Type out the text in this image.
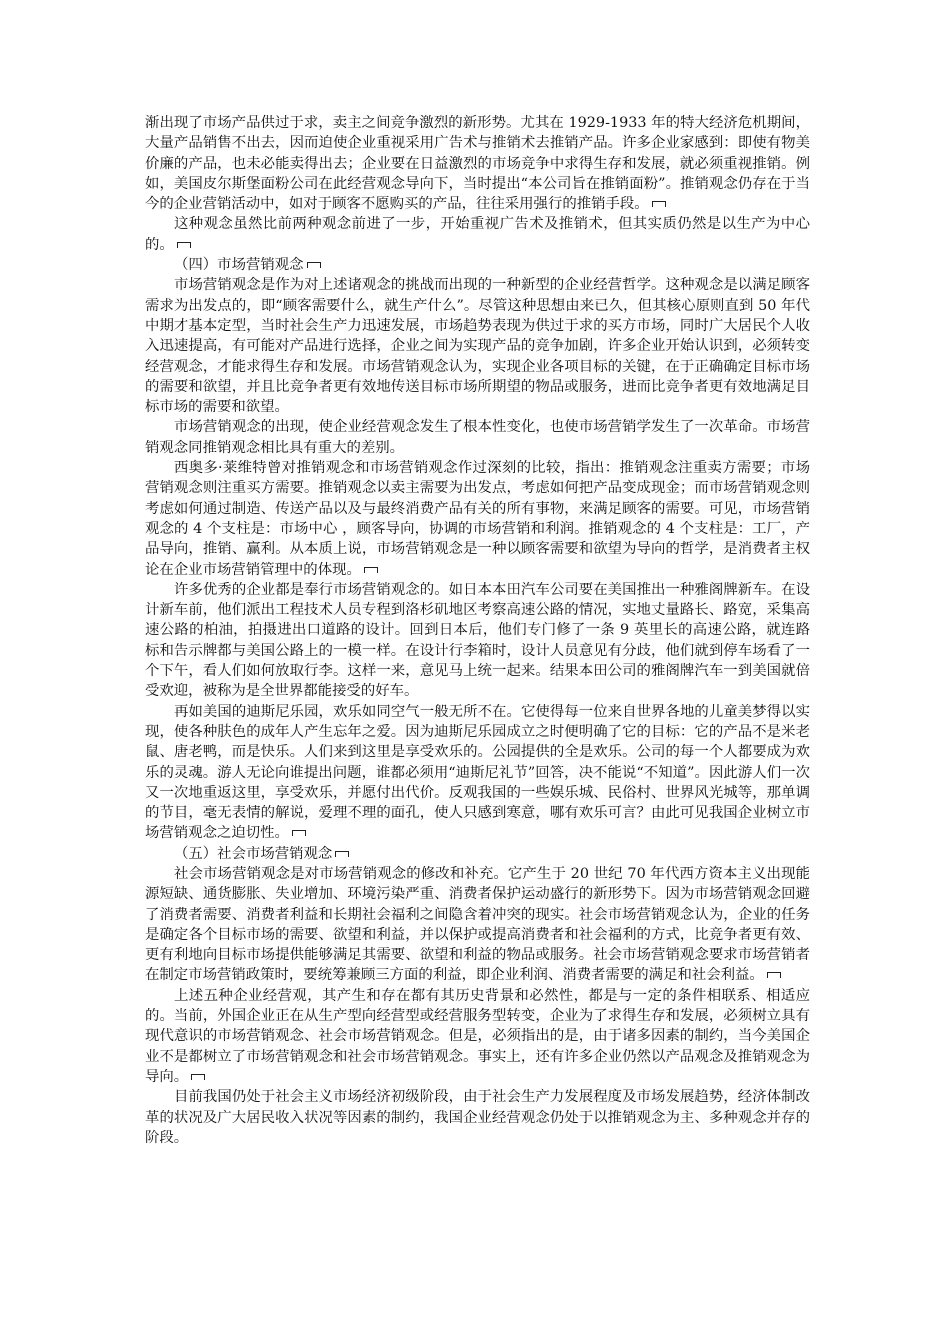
渐出现了市场产品供过于求，卖主之间竞争激烈的新形势。尤其在 1929-1933 年的特大经济危机期间，大量产品销售不出去，因而迫使企业重视采用广告术与推销术去推销产品。许多企业家感到：即使有物美价廉的产品，也未必能卖得出去；企业要在日益激烈的市场竞争中求得生存和发展，就必须重视推销。例如，美国皮尔斯堡面粉公司在此经营观念导向下，当时提出“本公司旨在推销面粉”。推销观念仍存在于当今的企业营销活动中，如对于顾客不愿购买的产品，往往采用强行的推销手段。

这种观念虽然比前两种观念前进了一步，开始重视广告术及推销术，但其实质仍然是以生产为中心的。

（四）市场营销观念

市场营销观念是作为对上述诸观念的挑战而出现的一种新型的企业经营哲学。这种观念是以满足顾客需求为出发点的，即“顾客需要什么，就生产什么”。尽管这种思想由来已久，但其核心原则直到 50 年代中期才基本定型，当时社会生产力迅速发展，市场趋势表现为供过于求的买方市场，同时广大居民个人收入迅速提高，有可能对产品进行选择，企业之间为实现产品的竞争加剧，许多企业开始认识到，必须转变经营观念，才能求得生存和发展。市场营销观念认为，实现企业各项目标的关键，在于正确确定目标市场的需要和欲望，并且比竞争者更有效地传送目标市场所期望的物品或服务，进而比竞争者更有效地满足目标市场的需要和欲望。

市场营销观念的出现，使企业经营观念发生了根本性变化，也使市场营销学发生了一次革命。市场营销观念同推销观念相比具有重大的差别。

西奥多·莱维特曾对推销观念和市场营销观念作过深刻的比较，指出：推销观念注重卖方需要；市场营销观念则注重买方需要。推销观念以卖主需要为出发点，考虑如何把产品变成现金；而市场营销观念则考虑如何通过制造、传送产品以及与最终消费产品有关的所有事物，来满足顾客的需要。可见，市场营销观念的 4 个支柱是：市场中心 ，顾客导向，协调的市场营销和利润。推销观念的 4 个支柱是：工厂，产品导向，推销、赢利。从本质上说，市场营销观念是一种以顾客需要和欲望为导向的哲学，是消费者主权论在企业市场营销管理中的体现。

许多优秀的企业都是奉行市场营销观念的。如日本本田汽车公司要在美国推出一种雅阁牌新车。在设计新车前，他们派出工程技术人员专程到洛杉矶地区考察高速公路的情况，实地丈量路长、路宽，采集高速公路的柏油，拍摄进出口道路的设计。回到日本后，他们专门修了一条 9 英里长的高速公路，就连路标和告示牌都与美国公路上的一模一样。在设计行李箱时，设计人员意见有分歧，他们就到停车场看了一个下午，看人们如何放取行李。这样一来，意见马上统一起来。结果本田公司的雅阁牌汽车一到美国就倍受欢迎，被称为是全世界都能接受的好车。

再如美国的迪斯尼乐园，欢乐如同空气一般无所不在。它使得每一位来自世界各地的儿童美梦得以实现，使各种肤色的成年人产生忘年之爱。因为迪斯尼乐园成立之时便明确了它的目标：它的产品不是米老鼠、唐老鸭，而是快乐。人们来到这里是享受欢乐的。公园提供的全是欢乐。公司的每一个人都要成为欢乐的灵魂。游人无论向谁提出问题，谁都必须用“迪斯尼礼节”回答，决不能说“不知道”。因此游人们一次又一次地重返这里，享受欢乐，并愿付出代价。反观我国的一些娱乐城、民俗村、世界风光城等，那单调的节目，毫无表情的解说，爱理不理的面孔，使人只感到寒意，哪有欢乐可言？由此可见我国企业树立市场营销观念之迫切性。

（五）社会市场营销观念

社会市场营销观念是对市场营销观念的修改和补充。它产生于 20 世纪 70 年代西方资本主义出现能源短缺、通货膨胀、失业增加、环境污染严重、消费者保护运动盛行的新形势下。因为市场营销观念回避了消费者需要、消费者利益和长期社会福利之间隐含着冲突的现实。社会市场营销观念认为，企业的任务是确定各个目标市场的需要、欲望和利益，并以保护或提高消费者和社会福利的方式，比竞争者更有效、更有利地向目标市场提供能够满足其需要、欲望和利益的物品或服务。社会市场营销观念要求市场营销者在制定市场营销政策时，要统筹兼顾三方面的利益，即企业利润、消费者需要的满足和社会利益。

上述五种企业经营观，其产生和存在都有其历史背景和必然性，都是与一定的条件相联系、相适应的。当前，外国企业正在从生产型向经营型或经营服务型转变，企业为了求得生存和发展，必须树立具有现代意识的市场营销观念、社会市场营销观念。但是，必须指出的是，由于诸多因素的制约，当今美国企业不是都树立了市场营销观念和社会市场营销观念。事实上，还有许多企业仍然以产品观念及推销观念为导向。

目前我国仍处于社会主义市场经济初级阶段，由于社会生产力发展程度及市场发展趋势，经济体制改革的状况及广大居民收入状况等因素的制约，我国企业经营观念仍处于以推销观念为主、多种观念并存的阶段。
